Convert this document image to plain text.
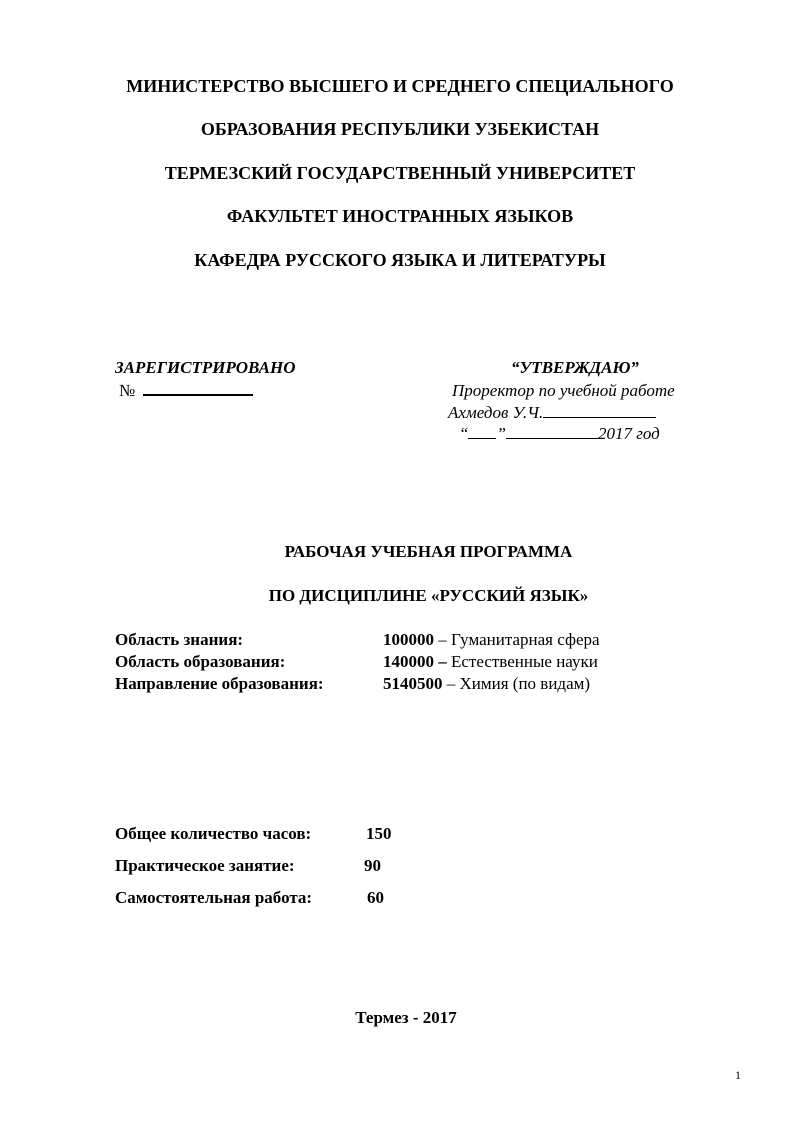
МИНИСТЕРСТВО ВЫСШЕГО И СРЕДНЕГО СПЕЦИАЛЬНОГО
ОБРАЗОВАНИЯ РЕСПУБЛИКИ УЗБЕКИСТАН
ТЕРМЕЗСКИЙ ГОСУДАРСТВЕННЫЙ УНИВЕРСИТЕТ
ФАКУЛЬТЕТ ИНОСТРАННЫХ ЯЗЫКОВ
КАФЕДРА РУССКОГО ЯЗЫКА И ЛИТЕРАТУРЫ
ЗАРЕГИСТРИРОВАНО
№
“УТВЕРЖДАЮ”
Проректор по учебной работе
Ахмедов У.Ч.
“ ”	2017 год
РАБОЧАЯ УЧЕБНАЯ ПРОГРАММА
ПО ДИСЦИПЛИНЕ «РУССКИЙ ЯЗЫК»
Область знания:	100000 – Гуманитарная сфера
Область образования:	140000 – Естественные науки
Направление образования:	5140500 – Химия (по видам)
Общее количество часов:	150
Практическое занятие:	90
Самостоятельная работа:	60
Термез - 2017
1
